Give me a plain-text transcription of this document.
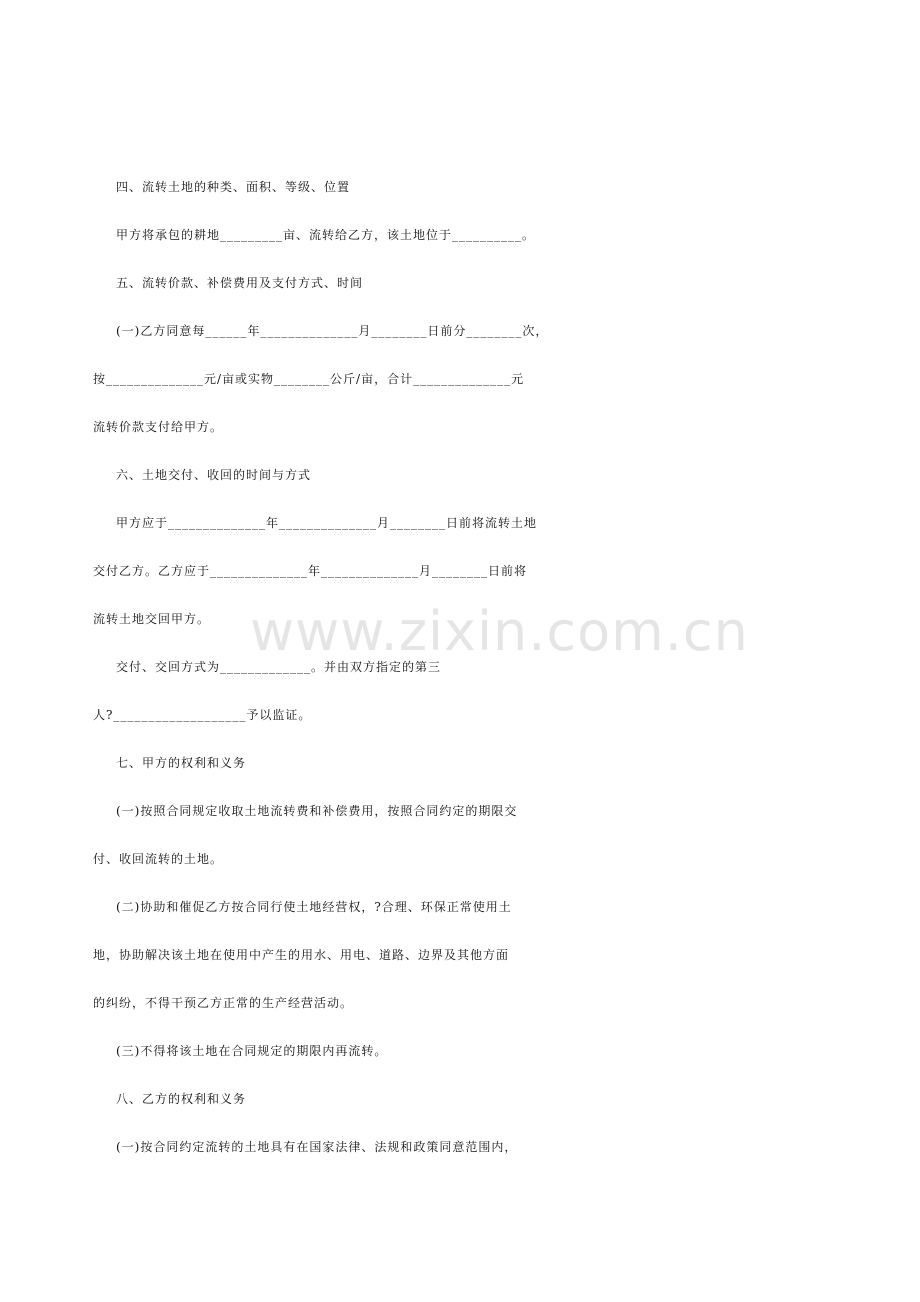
四、流转土地的种类、面积、等级、位置
甲方将承包的耕地_________亩、流转给乙方，该土地位于__________。
五、流转价款、补偿费用及支付方式、时间
(一)乙方同意每______年______________月________日前分________次，
按______________元/亩或实物________公斤/亩，合计______________元
流转价款支付给甲方。
六、土地交付、收回的时间与方式
甲方应于______________年______________月________日前将流转土地
交付乙方。乙方应于______________年______________月________日前将
流转土地交回甲方。
交付、交回方式为_____________。并由双方指定的第三
人?___________________予以监证。
七、甲方的权利和义务
(一)按照合同规定收取土地流转费和补偿费用，按照合同约定的期限交
付、收回流转的土地。
(二)协助和催促乙方按合同行使土地经营权，?合理、环保正常使用土
地，协助解决该土地在使用中产生的用水、用电、道路、边界及其他方面
的纠纷，不得干预乙方正常的生产经营活动。
(三)不得将该土地在合同规定的期限内再流转。
八、乙方的权利和义务
(一)按合同约定流转的土地具有在国家法律、法规和政策同意范围内，
www.zixin.com.cn
